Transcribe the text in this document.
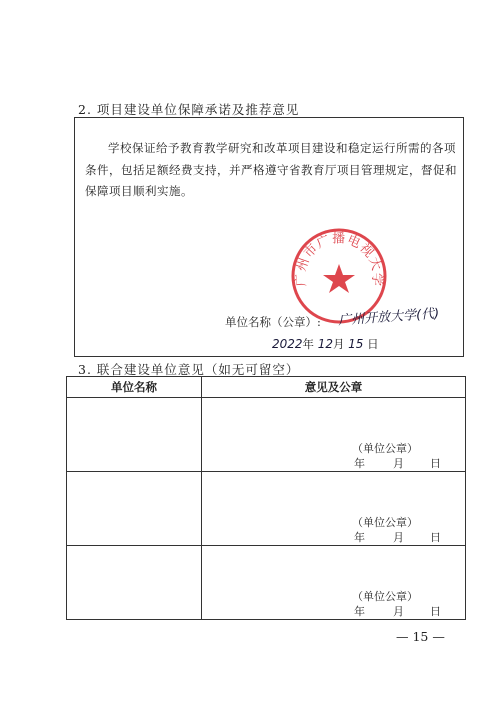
2. 项目建设单位保障承诺及推荐意见

学校保证给予教育教学研究和改革项目建设和稳定运行所需的各项条件，包括足额经费支持，并严格遵守省教育厅项目管理规定，督促和保障项目顺利实施。

广州市广播电视大学
单位名称（公章）: 广州开放大学(代)
2022年 12月 15 日
3. 联合建设单位意见（如无可留空）
单位名称	意见及公章

	（单位公章）
年 月 日

	（单位公章）
年 月 日

	（单位公章）
年 月 日
— 15 —
